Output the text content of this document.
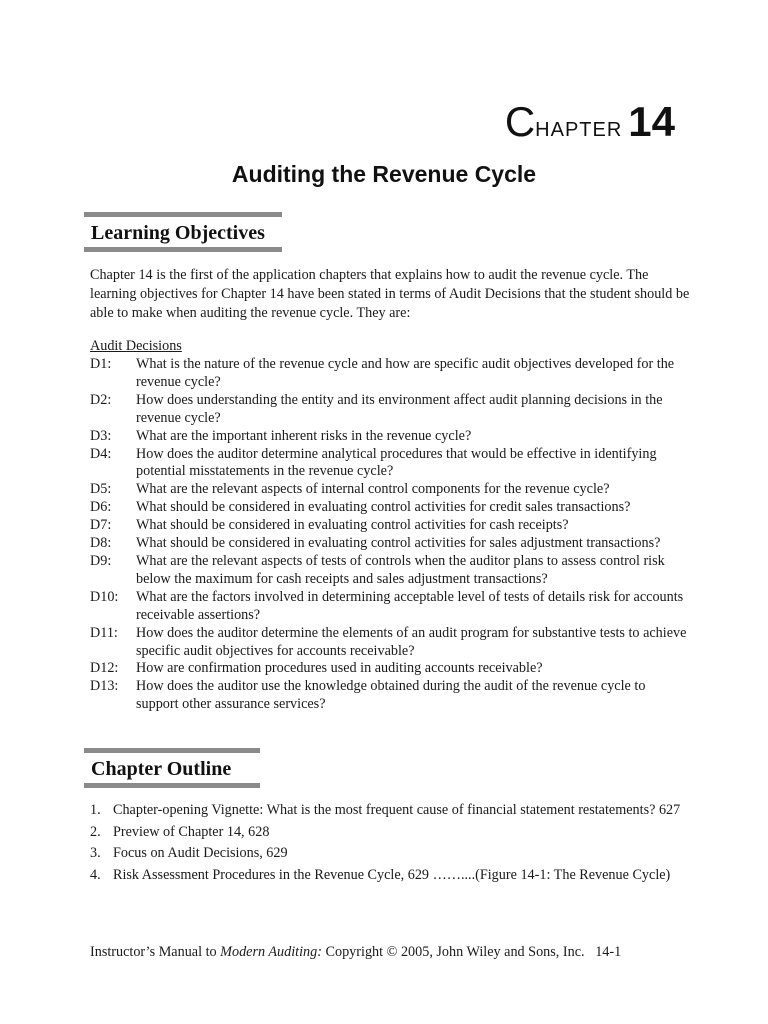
CHAPTER 14
Auditing the Revenue Cycle
Learning Objectives

Chapter 14 is the first of the application chapters that explains how to audit the revenue cycle. The learning objectives for Chapter 14 have been stated in terms of Audit Decisions that the student should be able to make when auditing the revenue cycle. They are:

Audit Decisions
D1:	What is the nature of the revenue cycle and how are specific audit objectives developed for the revenue cycle?
D2:	How does understanding the entity and its environment affect audit planning decisions in the revenue cycle?
D3:	What are the important inherent risks in the revenue cycle?
D4:	How does the auditor determine analytical procedures that would be effective in identifying potential misstatements in the revenue cycle?
D5:	What are the relevant aspects of internal control components for the revenue cycle?
D6:	What should be considered in evaluating control activities for credit sales transactions?
D7:	What should be considered in evaluating control activities for cash receipts?
D8:	What should be considered in evaluating control activities for sales adjustment transactions?
D9:	What are the relevant aspects of tests of controls when the auditor plans to assess control risk below the maximum for cash receipts and sales adjustment transactions?
D10:	What are the factors involved in determining acceptable level of tests of details risk for accounts receivable assertions?
D11:	How does the auditor determine the elements of an audit program for substantive tests to achieve specific audit objectives for accounts receivable?
D12:	How are confirmation procedures used in auditing accounts receivable?
D13:	How does the auditor use the knowledge obtained during the audit of the revenue cycle to support other assurance services?
Chapter Outline
1. Chapter-opening Vignette: What is the most frequent cause of financial statement restatements? 627
2. Preview of Chapter 14, 628
3. Focus on Audit Decisions, 629
4. Risk Assessment Procedures in the Revenue Cycle, 629 ……....(Figure 14-1: The Revenue Cycle)
Instructor’s Manual to Modern Auditing: Copyright © 2005, John Wiley and Sons, Inc. 14-1
